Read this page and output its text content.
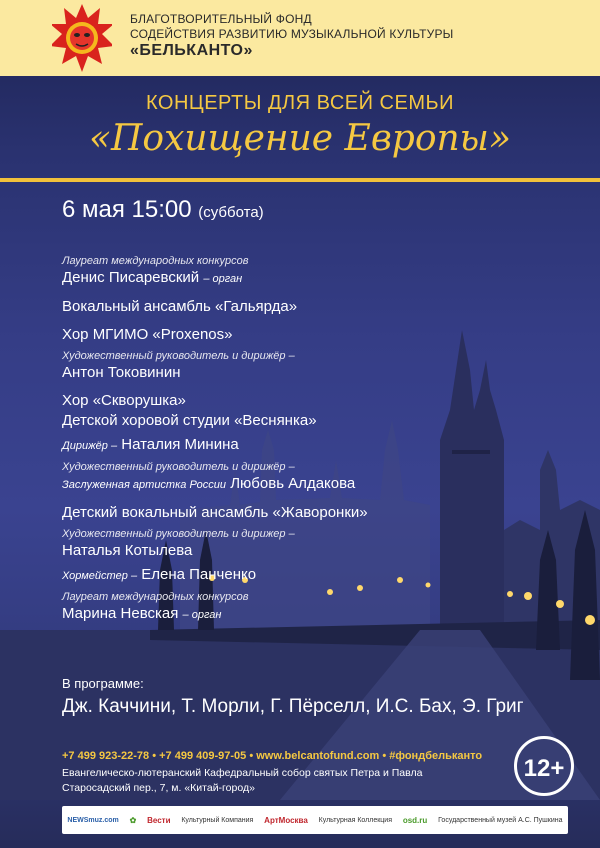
БЛАГОТВОРИТЕЛЬНЫЙ ФОНД
СОДЕЙСТВИЯ РАЗВИТИЮ МУЗЫКАЛЬНОЙ КУЛЬТУРЫ
«БЕЛЬКАНТО»
КОНЦЕРТЫ ДЛЯ ВСЕЙ СЕМЬИ
«Похищение Европы»
6 мая 15:00 (суббота)
Лауреат международных конкурсов
Денис Писаревский – орган
Вокальный ансамбль «Гальярда»
Хор МГИМО «Proxenos»
Художественный руководитель и дирижёр –
Антон Токовинин
Хор «Скворушка»
Детской хоровой студии «Веснянка»
Дирижёр – Наталия Минина
Художественный руководитель и дирижёр –
Заслуженная артистка России Любовь Алдакова
Детский вокальный ансамбль «Жаворонки»
Художественный руководитель и дирижер –
Наталья Котылева
Хормейстер – Елена Панченко
Лауреат международных конкурсов
Марина Невская – орган
В программе:
Дж. Каччини, Т. Морли, Г. Пёрселл, И.С. Бах, Э. Григ
+7 499 923-22-78 • +7 499 409-97-05 • www.belcantofund.com • #фондбельканто
Евангелическо-лютеранский Кафедральный собор святых Петра и Павла
Старосадский пер., 7, м. «Китай-город»
12+
NEWSmuz.com ✿ Вести Культурный Компания АртМосква Культурная Коллекция osd.ru Государственный музей А.С. Пушкина
